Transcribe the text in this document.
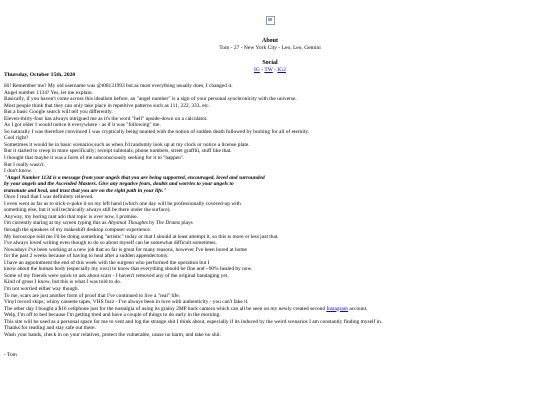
About
Tom - 27 - New York City - Leo, Leo, Gemini
Social
IG - TW - IG2
Thursday, October 15th, 2020
Hi! Remember me? My old username was @t08131993 but as most everything usually does, I changed it.
Angel number 1134? Yes, let me explain.
Basically, if you haven't come across this idealism before, an "angel number" is a sign of your personal synchronicity with the universe.
Most people think that they can only take place in repetitive patterns such as 111, 222, 333, etc.
But a basic Google search will tell you differently.
Eleven-thirty-four has always intrigued me as it's the word "hell" upside-down on a calculator.
As I got older I would notice it everywhere - as if it was "following" me.
So naturally I was therefore convinced I was cryptically being taunted with the notion of sudden death followed by burning for all of eternity.
Cool right?
Sometimes it would be in basic scenarios such as when I'd randomly look up at my clock or notice a license plate.
But it started to creep in more specifically; receipt subtotals, phone numbers, street graffiti, stuff like that.
I thought that maybe it was a form of me subconsciously seeking for it to "happen".
But I really wasn't.
I don't know.
"Angel Number 1134 is a message from your angels that you are being supported, encouraged, loved and surrounded
by your angels and the Ascended Masters. Give any negative fears, doubts and worries to your angels to
transmute and heal, and trust that you are on the right path in your life."
Once I read that I was definitely relieved.
I even went as far as to stick-n-poke it on my left hand (which one day will be professionally covered-up with
something else, but it will technically always still be there under the surface).
Anyway, my boring rant ado that topic is over now, I promise.
I'm currently staring at my screen typing this as Abysmal Thoughts by The Drums plays
through the speakers of my makeshift desktop computer experience.
My horoscope told me I'd be doing something "artistic" today or that I should at least attempt it, so this is more or less just that.
I've always loved writing even though to do so about myself can be somewhat difficult sometimes.
Nowadays I've been working at a new job that so far is great for many reasons, however I've been bored at home
for the past 2 weeks because of having to heal after a sudden appendectomy.
I have an appointment the end of this week with the surgeon who performed the operation but I
know about the human body (especially my own) to know that everything should be fine and ~90% healed by now.
Some of my friends were quick to ask about scars - I haven't removed any of the original bandaging yet.
Kind of gross I know, but this is what I was told to do.
I'm not worried either way though.
To me, scars are just another form of proof that I've continued to live a "real" life.
Vinyl record skips, whiny cassette tapes, VHS fuzz - I've always been in love with authenticity - you can't fake it.
The other day I bought a $16 cellphone just for the nostalgia of using its grainy 2MP back camera which can all be seen on my newly created second Instagram account.
Welp, I'm off to bed because I'm getting tired and have a couple of things to do early in the morning.
This site will be used as a personal space for me to vent and log the strange shit I think about, especially if its induced by the weird scenarios I am constantly finding myself in.
Thanks for reading and stay safe out there.
Wash your hands, check in on your relatives, protect the vulnerable, cause no harm, and take no shit.
- Tom
